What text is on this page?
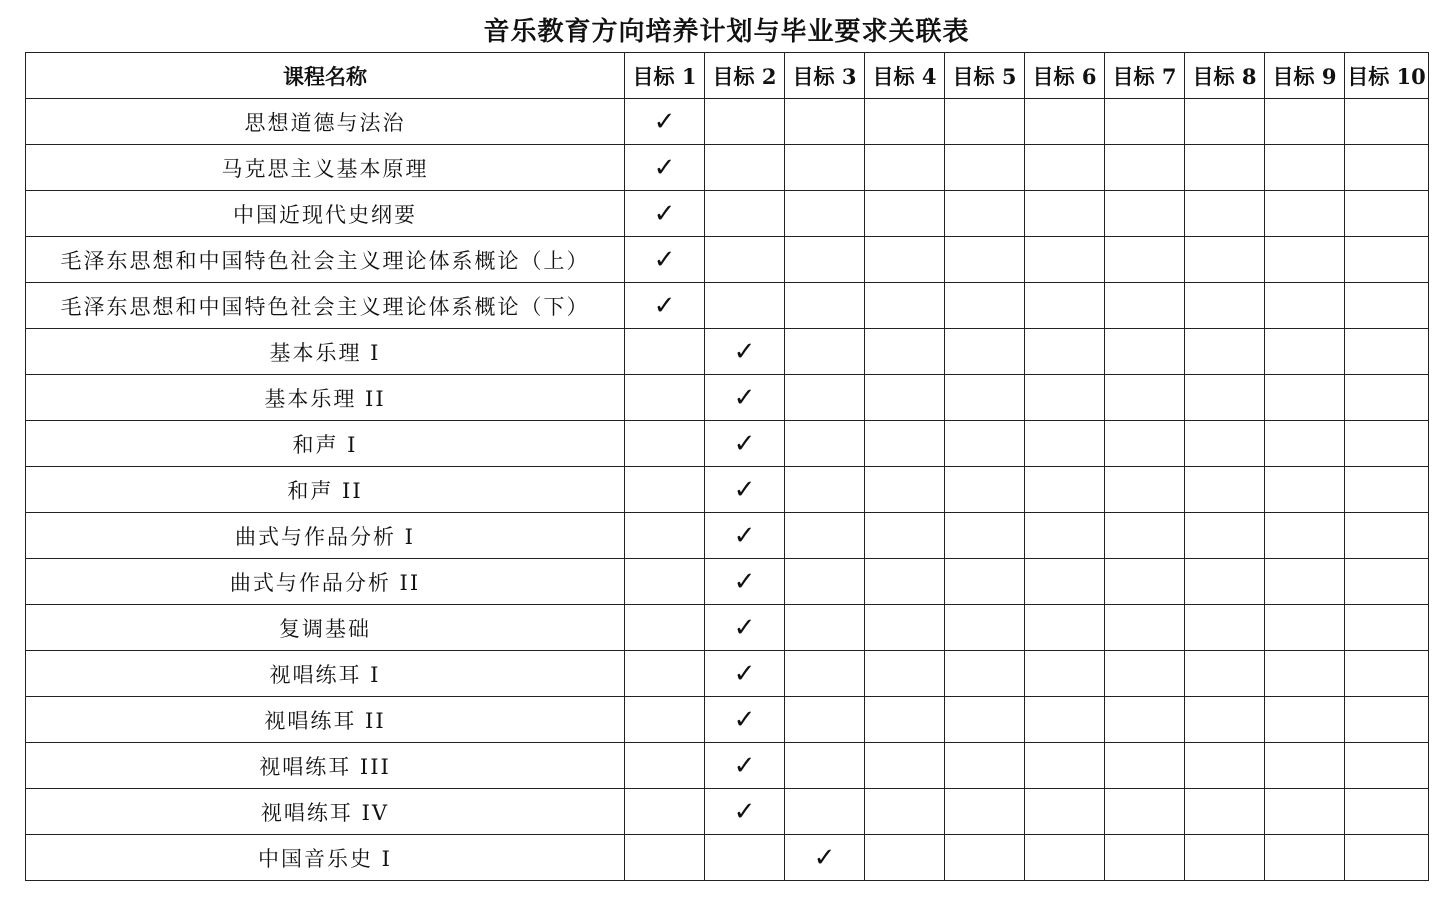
音乐教育方向培养计划与毕业要求关联表
课程名称	目标 1	目标 2	目标 3	目标 4	目标 5	目标 6	目标 7	目标 8	目标 9	目标 10
思想道德与法治	✓									
马克思主义基本原理	✓									
中国近现代史纲要	✓									
毛泽东思想和中国特色社会主义理论体系概论（上）	✓									
毛泽东思想和中国特色社会主义理论体系概论（下）	✓									
基本乐理 I		✓								
基本乐理 II		✓								
和声 I		✓								
和声 II		✓								
曲式与作品分析 I		✓								
曲式与作品分析 II		✓								
复调基础		✓								
视唱练耳 I		✓								
视唱练耳 II		✓								
视唱练耳 III		✓								
视唱练耳 IV		✓								
中国音乐史 I			✓							
